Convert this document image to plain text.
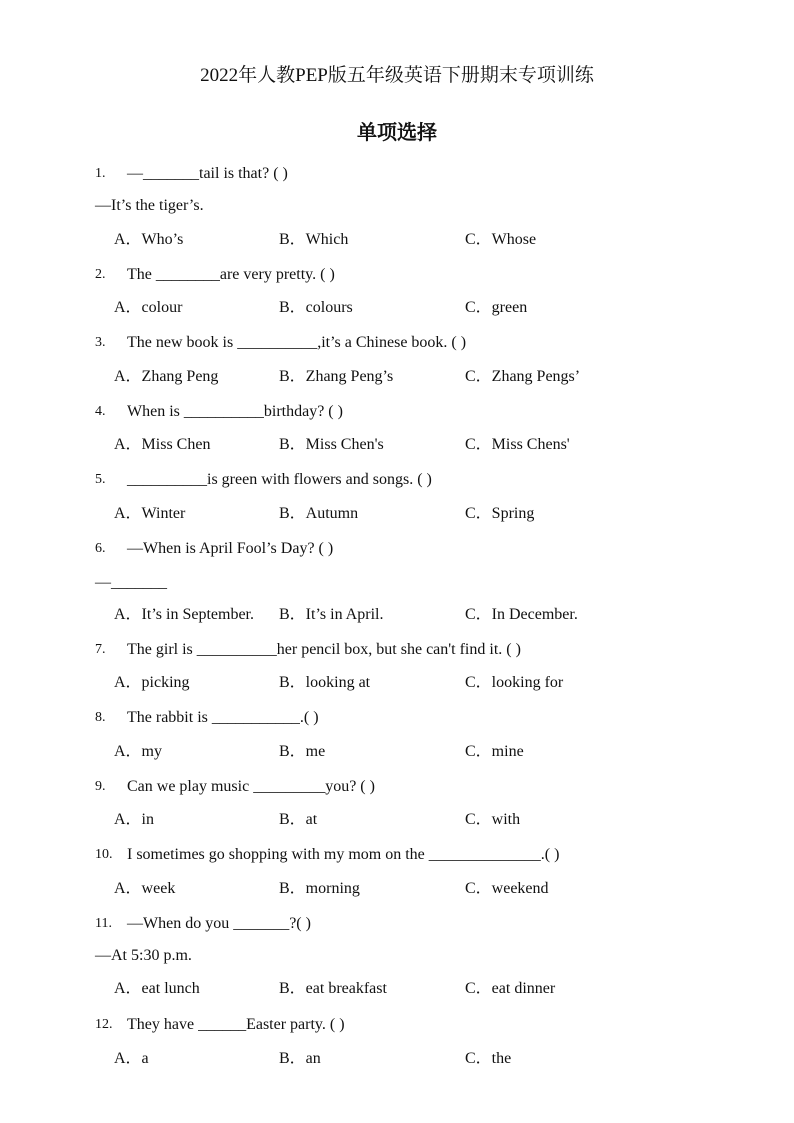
2022年人教PEP版五年级英语下册期末专项训练
单项选择
1. —_______tail is that? ( )
—It’s the tiger’s.
A．Who’s	B．Which	C．Whose
2. The ________are very pretty. ( )
A．colour	B．colours	C．green
3. The new book is __________,it’s a Chinese book. ( )
A．Zhang Peng	B．Zhang Peng’s	C．Zhang Pengs’
4. When is __________birthday? ( )
A．Miss Chen	B．Miss Chen's	C．Miss Chens'
5. __________is green with flowers and songs. ( )
A．Winter	B．Autumn	C．Spring
6. —When is April Fool’s Day? ( )
—_______
A．It’s in September. B．It’s in April.	C．In December.
7. The girl is __________her pencil box, but she can't find it. ( )
A．picking	B．looking at	C．looking for
8. The rabbit is ___________.( )
A．my	B．me	C．mine
9. Can we play music _________you? ( )
A．in	B．at	C．with
10. I sometimes go shopping with my mom on the ______________.( )
A．week	B．morning	C．weekend
11. —When do you _______?( )
—At 5:30 p.m.
A．eat lunch	B．eat breakfast	C．eat dinner
12. They have ______Easter party. ( )
A．a	B．an	C．the
